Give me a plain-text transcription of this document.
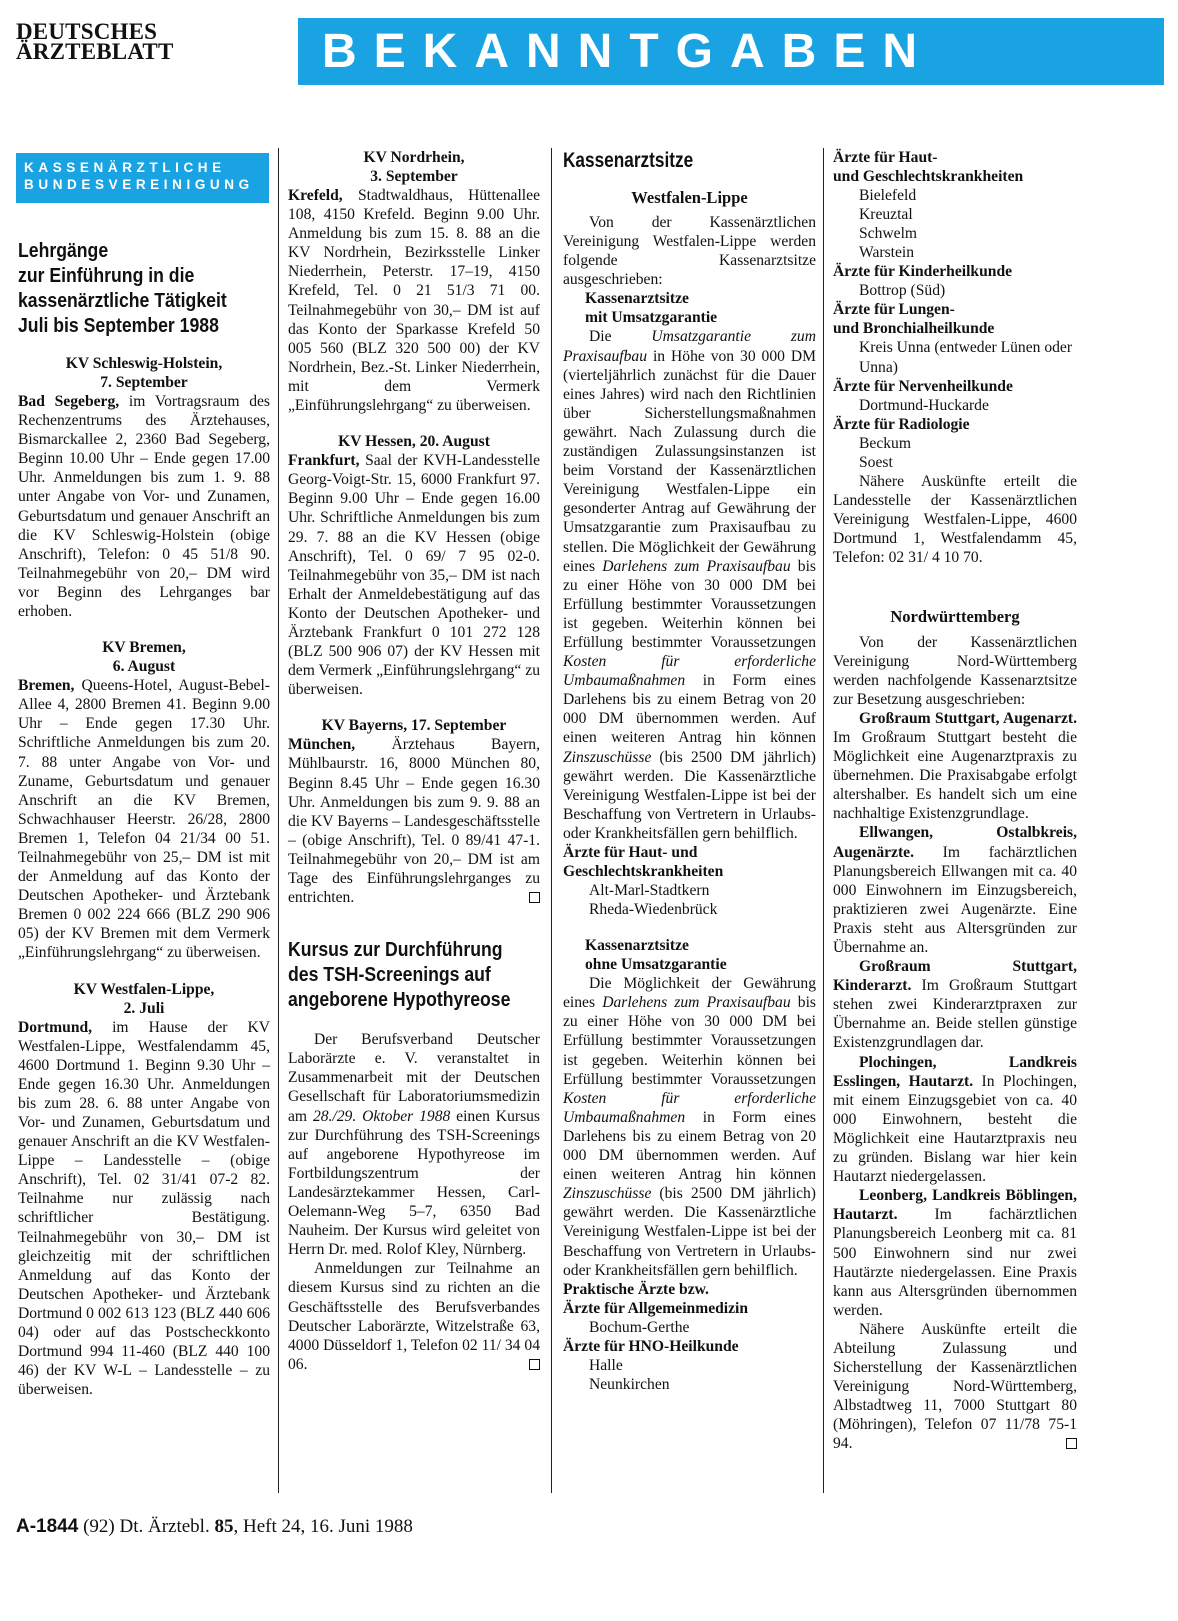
DEUTSCHES
ÄRZTEBLATT	BEKANNTGABEN
KASSENÄRZTLICHE
BUNDESVEREINIGUNG
Lehrgänge
zur Einführung in die
kassenärztliche Tätigkeit
Juli bis September 1988
KV Schleswig-Holstein,
7. September

Bad Segeberg, im Vortragsraum des Rechenzentrums des Ärztehauses, Bismarckallee 2, 2360 Bad Segeberg, Beginn 10.00 Uhr – Ende gegen 17.00 Uhr. Anmeldungen bis zum 1. 9. 88 unter Angabe von Vor- und Zunamen, Geburtsdatum und genauer Anschrift an die KV Schleswig-Holstein (obige Anschrift), Telefon: 0 45 51/8 90. Teilnahmegebühr von 20,– DM wird vor Beginn des Lehrganges bar erhoben.

KV Bremen,
6. August

Bremen, Queens-Hotel, August-Bebel-Allee 4, 2800 Bremen 41. Beginn 9.00 Uhr – Ende gegen 17.30 Uhr. Schriftliche Anmeldungen bis zum 20. 7. 88 unter Angabe von Vor- und Zuname, Geburtsdatum und genauer Anschrift an die KV Bremen, Schwachhauser Heerstr. 26/28, 2800 Bremen 1, Telefon 04 21/34 00 51. Teilnahmegebühr von 25,– DM ist mit der Anmeldung auf das Konto der Deutschen Apotheker- und Ärztebank Bremen 0 002 224 666 (BLZ 290 906 05) der KV Bremen mit dem Vermerk „Einführungslehrgang“ zu überweisen.

KV Westfalen-Lippe,
2. Juli

Dortmund, im Hause der KV Westfalen-Lippe, Westfalendamm 45, 4600 Dortmund 1. Beginn 9.30 Uhr – Ende gegen 16.30 Uhr. Anmeldungen bis zum 28. 6. 88 unter Angabe von Vor- und Zunamen, Geburtsdatum und genauer Anschrift an die KV Westfalen-Lippe – Landesstelle – (obige Anschrift), Tel. 02 31/41 07-2 82. Teilnahme nur zulässig nach schriftlicher Bestätigung. Teilnahmegebühr von 30,– DM ist gleichzeitig mit der schriftlichen Anmeldung auf das Konto der Deutschen Apotheker- und Ärztebank Dortmund 0 002 613 123 (BLZ 440 606 04) oder auf das Postscheckkonto Dortmund 994 11-460 (BLZ 440 100 46) der KV W-L – Landesstelle – zu überweisen.

KV Nordrhein,
3. September

Krefeld, Stadtwaldhaus, Hüttenallee 108, 4150 Krefeld. Beginn 9.00 Uhr. Anmeldung bis zum 15. 8. 88 an die KV Nordrhein, Bezirksstelle Linker Niederrhein, Peterstr. 17–19, 4150 Krefeld, Tel. 0 21 51/3 71 00. Teilnahmegebühr von 30,– DM ist auf das Konto der Sparkasse Krefeld 50 005 560 (BLZ 320 500 00) der KV Nordrhein, Bez.-St. Linker Niederrhein, mit dem Vermerk „Einführungslehrgang“ zu überweisen.

KV Hessen, 20. August

Frankfurt, Saal der KVH-Landesstelle Georg-Voigt-Str. 15, 6000 Frankfurt 97. Beginn 9.00 Uhr – Ende gegen 16.00 Uhr. Schriftliche Anmeldungen bis zum 29. 7. 88 an die KV Hessen (obige Anschrift), Tel. 0 69/ 7 95 02-0. Teilnahmegebühr von 35,– DM ist nach Erhalt der Anmeldebestätigung auf das Konto der Deutschen Apotheker- und Ärztebank Frankfurt 0 101 272 128 (BLZ 500 906 07) der KV Hessen mit dem Vermerk „Einführungslehrgang“ zu überweisen.

KV Bayerns, 17. September

München, Ärztehaus Bayern, Mühlbaurstr. 16, 8000 München 80, Beginn 8.45 Uhr – Ende gegen 16.30 Uhr. Anmeldungen bis zum 9. 9. 88 an die KV Bayerns – Landesgeschäftsstelle – (obige Anschrift), Tel. 0 89/41 47-1. Teilnahmegebühr von 20,– DM ist am Tage des Einführungslehrganges zu entrichten.

Kursus zur Durchführung
des TSH-Screenings auf
angeborene Hypothyreose

Der Berufsverband Deutscher Laborärzte e. V. veranstaltet in Zusammenarbeit mit der Deutschen Gesellschaft für Laboratoriumsmedizin am 28./29. Oktober 1988 einen Kursus zur Durchführung des TSH-Screenings auf angeborene Hypothyreose im Fortbildungszentrum der Landesärztekammer Hessen, Carl-Oelemann-Weg 5–7, 6350 Bad Nauheim. Der Kursus wird geleitet von Herrn Dr. med. Rolof Kley, Nürnberg.

Anmeldungen zur Teilnahme an diesem Kursus sind zu richten an die Geschäftsstelle des Berufsverbandes Deutscher Laborärzte, Witzelstraße 63, 4000 Düsseldorf 1, Telefon 02 11/ 34 04 06.

Kassenarztsitze
Westfalen-Lippe

Von der Kassenärztlichen Vereinigung Westfalen-Lippe werden folgende Kassenarztsitze ausgeschrieben:

Kassenarztsitze
mit Umsatzgarantie

Die Umsatzgarantie zum Praxisaufbau in Höhe von 30 000 DM (vierteljährlich zunächst für die Dauer eines Jahres) wird nach den Richtlinien über Sicherstellungsmaßnahmen gewährt. Nach Zulassung durch die zuständigen Zulassungsinstanzen ist beim Vorstand der Kassenärztlichen Vereinigung Westfalen-Lippe ein gesonderter Antrag auf Gewährung der Umsatzgarantie zum Praxisaufbau zu stellen. Die Möglichkeit der Gewährung eines Darlehens zum Praxisaufbau bis zu einer Höhe von 30 000 DM bei Erfüllung bestimmter Voraussetzungen ist gegeben. Weiterhin können bei Erfüllung bestimmter Voraussetzungen Kosten für erforderliche Umbaumaßnahmen in Form eines Darlehens bis zu einem Betrag von 20 000 DM übernommen werden. Auf einen weiteren Antrag hin können Zinszuschüsse (bis 2500 DM jährlich) gewährt werden. Die Kassenärztliche Vereinigung Westfalen-Lippe ist bei der Beschaffung von Vertretern in Urlaubs- oder Krankheitsfällen gern behilflich.

Ärzte für Haut- und
Geschlechtskrankheiten
Alt-Marl-Stadtkern
Rheda-Wiedenbrück
Kassenarztsitze
ohne Umsatzgarantie

Die Möglichkeit der Gewährung eines Darlehens zum Praxisaufbau bis zu einer Höhe von 30 000 DM bei Erfüllung bestimmter Voraussetzungen ist gegeben. Weiterhin können bei Erfüllung bestimmter Voraussetzungen Kosten für erforderliche Umbaumaßnahmen in Form eines Darlehens bis zu einem Betrag von 20 000 DM übernommen werden. Auf einen weiteren Antrag hin können Zinszuschüsse (bis 2500 DM jährlich) gewährt werden. Die Kassenärztliche Vereinigung Westfalen-Lippe ist bei der Beschaffung von Vertretern in Urlaubs- oder Krankheitsfällen gern behilflich.

Praktische Ärzte bzw.
Ärzte für Allgemeinmedizin
Bochum-Gerthe
Ärzte für HNO-Heilkunde
Halle
Neunkirchen
Ärzte für Haut-
und Geschlechtskrankheiten
Bielefeld
Kreuztal
Schwelm
Warstein
Ärzte für Kinderheilkunde
Bottrop (Süd)
Ärzte für Lungen-
und Bronchialheilkunde
Kreis Unna (entweder Lünen oder Unna)
Ärzte für Nervenheilkunde
Dortmund-Huckarde
Ärzte für Radiologie
Beckum
Soest

Nähere Auskünfte erteilt die Landesstelle der Kassenärztlichen Vereinigung Westfalen-Lippe, 4600 Dortmund 1, Westfalendamm 45, Telefon: 02 31/ 4 10 70.

Nordwürttemberg

Von der Kassenärztlichen Vereinigung Nord-Württemberg werden nachfolgende Kassenarztsitze zur Besetzung ausgeschrieben:

Großraum Stuttgart, Augenarzt. Im Großraum Stuttgart besteht die Möglichkeit eine Augenarztpraxis zu übernehmen. Die Praxisabgabe erfolgt altershalber. Es handelt sich um eine nachhaltige Existenzgrundlage.

Ellwangen, Ostalbkreis, Augenärzte. Im fachärztlichen Planungsbereich Ellwangen mit ca. 40 000 Einwohnern im Einzugsbereich, praktizieren zwei Augenärzte. Eine Praxis steht aus Altersgründen zur Übernahme an.

Großraum Stuttgart, Kinderarzt. Im Großraum Stuttgart stehen zwei Kinderarztpraxen zur Übernahme an. Beide stellen günstige Existenzgrundlagen dar.

Plochingen, Landkreis Esslingen, Hautarzt. In Plochingen, mit einem Einzugsgebiet von ca. 40 000 Einwohnern, besteht die Möglichkeit eine Hautarztpraxis neu zu gründen. Bislang war hier kein Hautarzt niedergelassen.

Leonberg, Landkreis Böblingen, Hautarzt. Im fachärztlichen Planungsbereich Leonberg mit ca. 81 500 Einwohnern sind nur zwei Hautärzte niedergelassen. Eine Praxis kann aus Altersgründen übernommen werden.

Nähere Auskünfte erteilt die Abteilung Zulassung und Sicherstellung der Kassenärztlichen Vereinigung Nord-Württemberg, Albstadtweg 11, 7000 Stuttgart 80 (Möhringen), Telefon 07 11/78 75-1 94.

A-1844 (92) Dt. Ärztebl. 85, Heft 24, 16. Juni 1988
